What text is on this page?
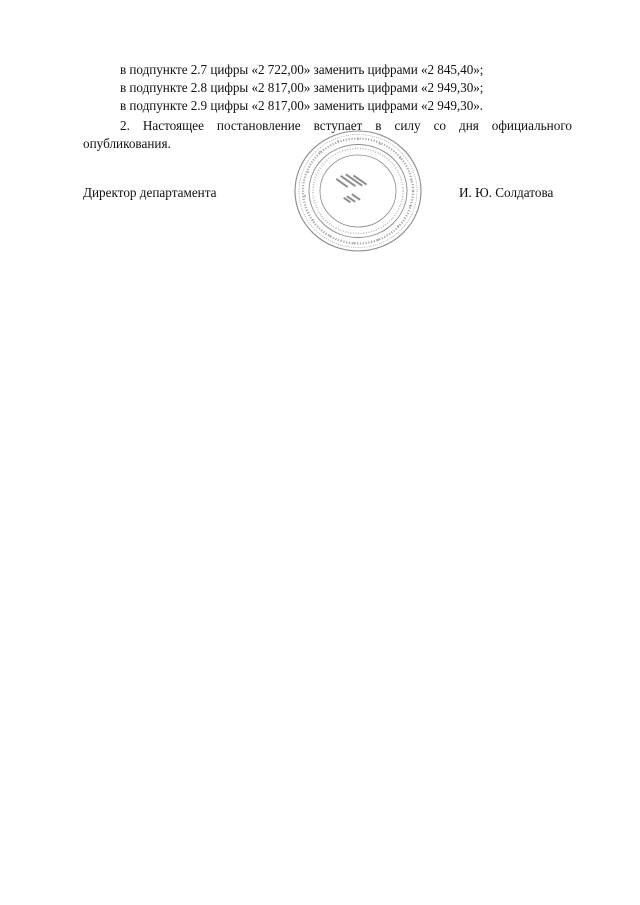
в подпункте 2.7 цифры «2 722,00» заменить цифрами «2 845,40»;
в подпункте 2.8 цифры «2 817,00» заменить цифрами «2 949,30»;
в подпункте 2.9 цифры «2 817,00» заменить цифрами «2 949,30».
2. Настоящее постановление вступает в силу со дня официального
опубликования.
Директор департамента	И. Ю. Солдатова
